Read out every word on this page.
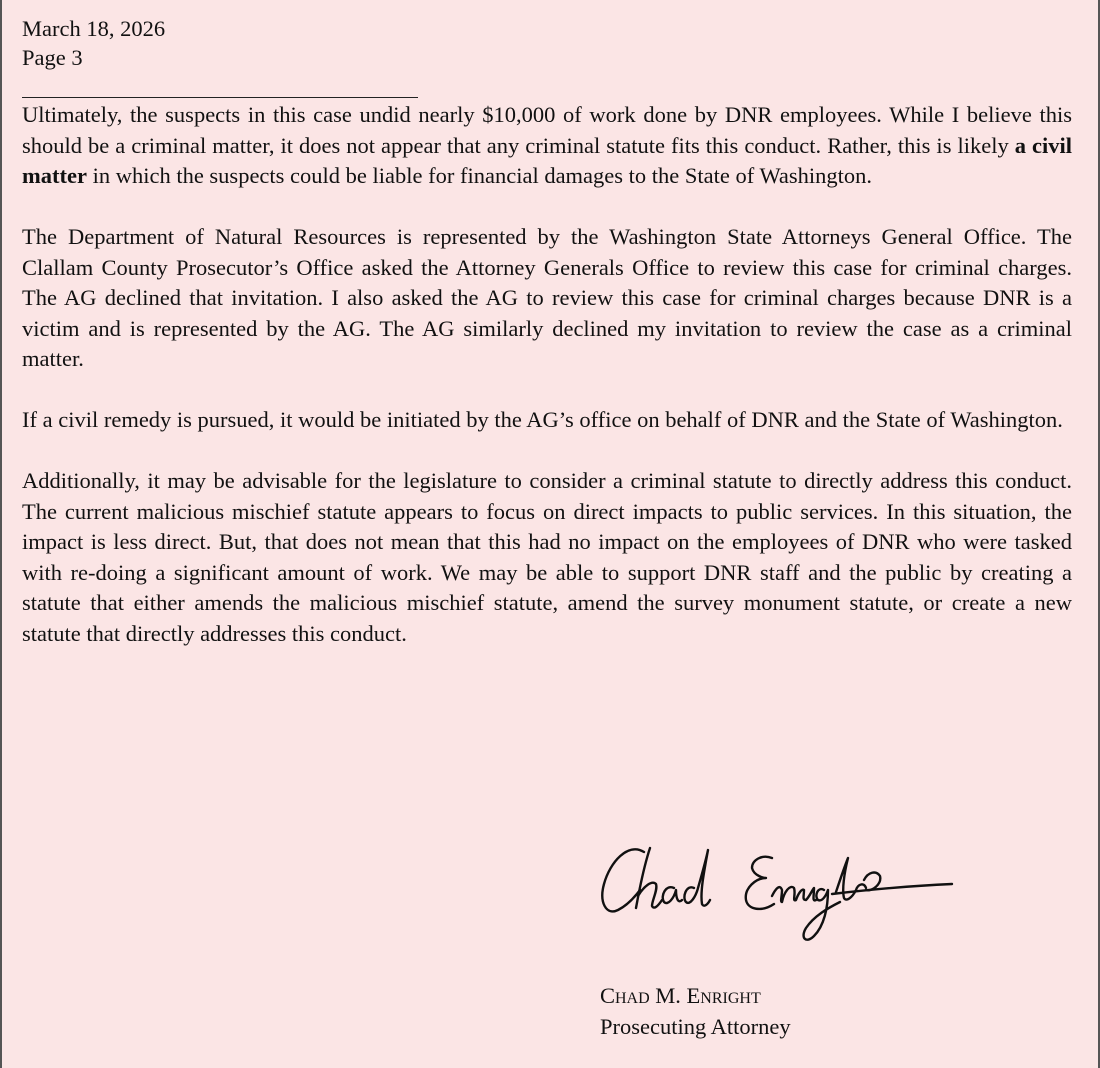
March 18, 2026
Page 3

Ultimately, the suspects in this case undid nearly $10,000 of work done by DNR employees. While I believe this should be a criminal matter, it does not appear that any criminal statute fits this conduct. Rather, this is likely a civil matter in which the suspects could be liable for financial damages to the State of Washington.

The Department of Natural Resources is represented by the Washington State Attorneys General Office. The Clallam County Prosecutor’s Office asked the Attorney Generals Office to review this case for criminal charges. The AG declined that invitation. I also asked the AG to review this case for criminal charges because DNR is a victim and is represented by the AG. The AG similarly declined my invitation to review the case as a criminal matter.

If a civil remedy is pursued, it would be initiated by the AG’s office on behalf of DNR and the State of Washington.

Additionally, it may be advisable for the legislature to consider a criminal statute to directly address this conduct. The current malicious mischief statute appears to focus on direct impacts to public services. In this situation, the impact is less direct. But, that does not mean that this had no impact on the employees of DNR who were tasked with re-doing a significant amount of work. We may be able to support DNR staff and the public by creating a statute that either amends the malicious mischief statute, amend the survey monument statute, or create a new statute that directly addresses this conduct.

Chad M. Enright
Prosecuting Attorney
